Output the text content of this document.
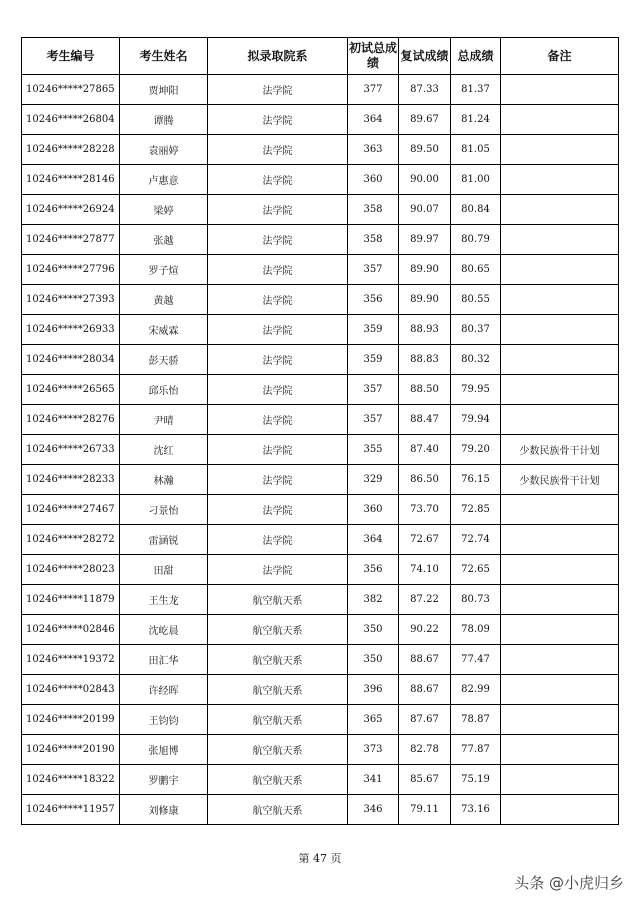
考生编号	考生姓名	拟录取院系	初试总成绩	复试成绩	总成绩	备注
10246*****27865	贾坤阳	法学院	377	87.33	81.37	
10246*****26804	谭腾	法学院	364	89.67	81.24	
10246*****28228	袁丽婷	法学院	363	89.50	81.05	
10246*****28146	卢惠意	法学院	360	90.00	81.00	
10246*****26924	梁婷	法学院	358	90.07	80.84	
10246*****27877	张越	法学院	358	89.97	80.79	
10246*****27796	罗子煊	法学院	357	89.90	80.65	
10246*****27393	黄越	法学院	356	89.90	80.55	
10246*****26933	宋威霖	法学院	359	88.93	80.37	
10246*****28034	彭天骄	法学院	359	88.83	80.32	
10246*****26565	邱乐怡	法学院	357	88.50	79.95	
10246*****28276	尹晴	法学院	357	88.47	79.94	
10246*****26733	沈红	法学院	355	87.40	79.20	少数民族骨干计划
10246*****28233	林瀚	法学院	329	86.50	76.15	少数民族骨干计划
10246*****27467	刁景怡	法学院	360	73.70	72.85	
10246*****28272	雷涵锐	法学院	364	72.67	72.74	
10246*****28023	田甜	法学院	356	74.10	72.65	
10246*****11879	王生龙	航空航天系	382	87.22	80.73	
10246*****02846	沈屹晨	航空航天系	350	90.22	78.09	
10246*****19372	田汇华	航空航天系	350	88.67	77.47	
10246*****02843	许经晖	航空航天系	396	88.67	82.99	
10246*****20199	王钧钧	航空航天系	365	87.67	78.87	
10246*****20190	张旭博	航空航天系	373	82.78	77.87	
10246*****18322	罗鹏宇	航空航天系	341	85.67	75.19	
10246*****11957	刘修康	航空航天系	346	79.11	73.16	
第 47 页
头条 @小虎归乡
